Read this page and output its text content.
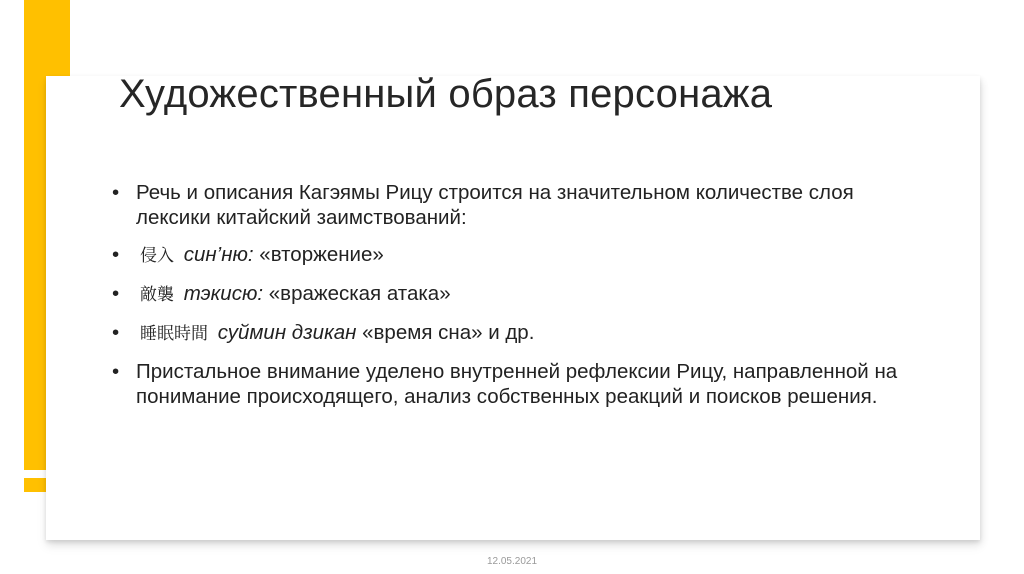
Художественный образ персонажа
• Речь и описания Кагэямы Рицу строится на значительном количестве слоя лексики китайский заимствований:
•	侵入 син’ню: «вторжение»
•	敵襲 тэкисю: «вражеская атака»
•	睡眠時間 суймин дзикан «время сна» и др.
• Пристальное внимание уделено внутренней рефлексии Рицу, направленной на понимание происходящего, анализ собственных реакций и поисков решения.
12.05.2021
